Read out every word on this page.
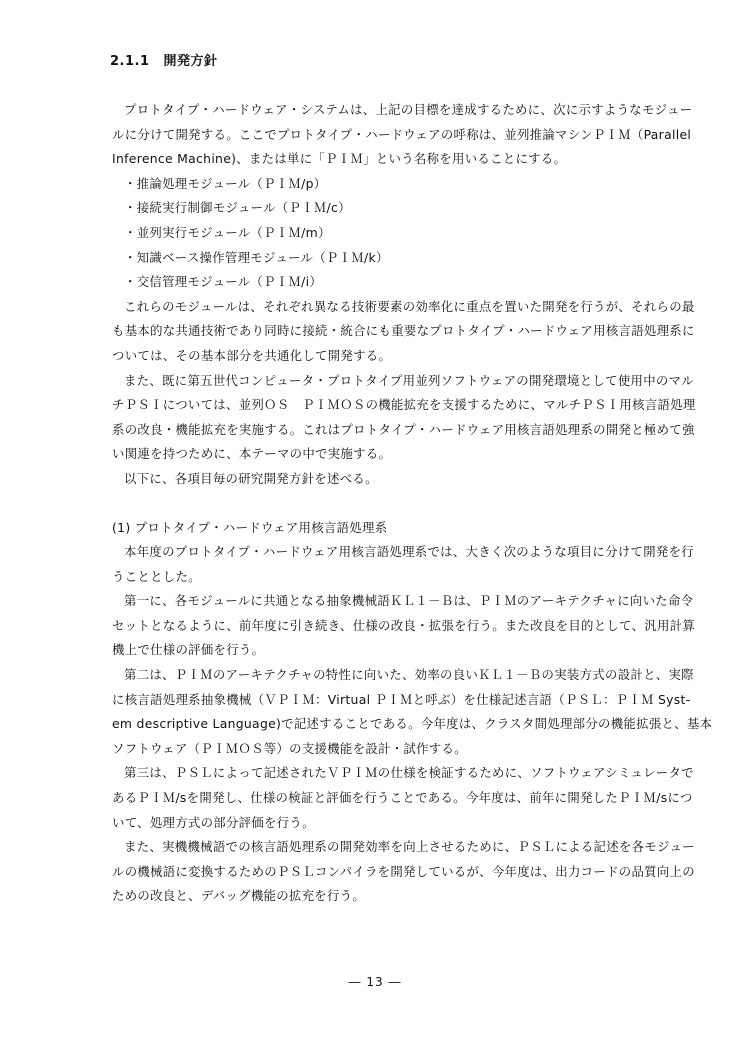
2.1.1 開発方針
プロトタイプ・ハードウェア・システムは、上記の目標を達成するために、次に示すようなモジュー
ルに分けて開発する。ここでプロトタイプ・ハードウェアの呼称は、並列推論マシンＰＩＭ（Parallel
Inference Machine)、または単に「ＰＩＭ」という名称を用いることにする。
・推論処理モジュール（ＰＩＭ/p）
・接続実行制御モジュール（ＰＩＭ/c）
・並列実行モジュール（ＰＩＭ/m）
・知識ベース操作管理モジュール（ＰＩＭ/k）
・交信管理モジュール（ＰＩＭ/i）
これらのモジュールは、それぞれ異なる技術要素の効率化に重点を置いた開発を行うが、それらの最
も基本的な共通技術であり同時に接続・統合にも重要なプロトタイプ・ハードウェア用核言語処理系に
ついては、その基本部分を共通化して開発する。
また、既に第五世代コンピュータ・プロトタイプ用並列ソフトウェアの開発環境として使用中のマル
チＰＳＩについては、並列ＯＳ　ＰＩＭＯＳの機能拡充を支援するために、マルチＰＳＩ用核言語処理
系の改良・機能拡充を実施する。これはプロトタイプ・ハードウェア用核言語処理系の開発と極めて強
い関連を持つために、本テーマの中で実施する。
以下に、各項目毎の研究開発方針を述べる。
(1) プロトタイプ・ハードウェア用核言語処理系
本年度のプロトタイプ・ハードウェア用核言語処理系では、大きく次のような項目に分けて開発を行
うこととした。
第一に、各モジュールに共通となる抽象機械語ＫＬ１－Ｂは、ＰＩＭのアーキテクチャに向いた命令
セットとなるように、前年度に引き続き、仕様の改良・拡張を行う。また改良を目的として、汎用計算
機上で仕様の評価を行う。
第二は、ＰＩＭのアーキテクチャの特性に向いた、効率の良いＫＬ１－Ｂの実装方式の設計と、実際
に核言語処理系抽象機械（ＶＰＩＭ：Virtual ＰＩＭと呼ぶ）を仕様記述言語（ＰＳＬ：ＰＩＭ Syst-
em descriptive Language)で記述することである。今年度は、クラスタ間処理部分の機能拡張と、基本
ソフトウェア（ＰＩＭＯＳ等）の支援機能を設計・試作する。
第三は、ＰＳＬによって記述されたＶＰＩＭの仕様を検証するために、ソフトウェアシミュレータで
あるＰＩＭ/sを開発し、仕様の検証と評価を行うことである。今年度は、前年に開発したＰＩＭ/sにつ
いて、処理方式の部分評価を行う。
また、実機機械語での核言語処理系の開発効率を向上させるために、ＰＳＬによる記述を各モジュー
ルの機械語に変換するためのＰＳＬコンパイラを開発しているが、今年度は、出力コードの品質向上の
ための改良と、デバッグ機能の拡充を行う。
― 13 ―
